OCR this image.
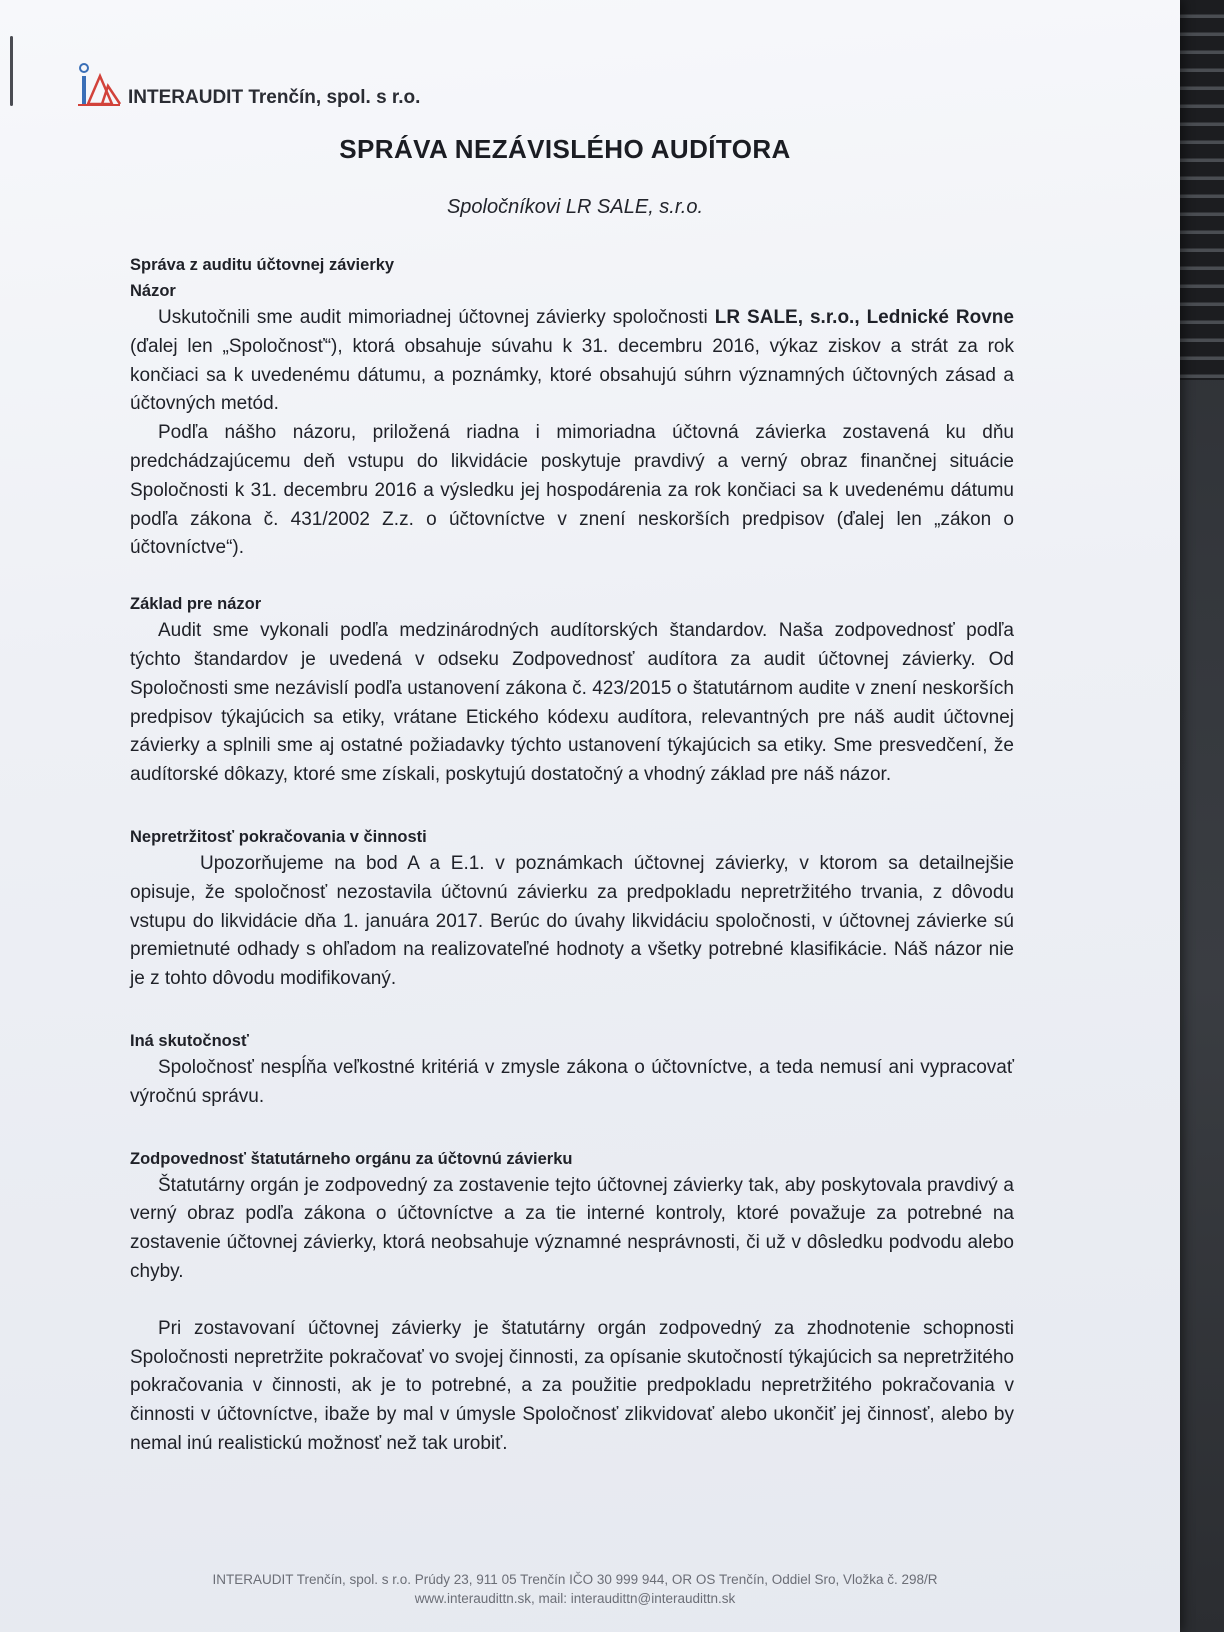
INTERAUDIT Trenčín, spol. s r.o.
SPRÁVA NEZÁVISLÉHO AUDÍTORA
Spoločníkovi LR SALE, s.r.o.

Správa z auditu účtovnej závierky

Názor

Uskutočnili sme audit mimoriadnej účtovnej závierky spoločnosti LR SALE, s.r.o., Lednické Rovne (ďalej len „Spoločnosť“), ktorá obsahuje súvahu k 31. decembru 2016, výkaz ziskov a strát za rok končiaci sa k uvedenému dátumu, a poznámky, ktoré obsahujú súhrn významných účtovných zásad a účtovných metód.

Podľa nášho názoru, priložená riadna i mimoriadna účtovná závierka zostavená ku dňu predchádzajúcemu deň vstupu do likvidácie poskytuje pravdivý a verný obraz finančnej situácie Spoločnosti k 31. decembru 2016 a výsledku jej hospodárenia za rok končiaci sa k uvedenému dátumu podľa zákona č. 431/2002 Z.z. o účtovníctve v znení neskorších predpisov (ďalej len „zákon o účtovníctve“).

Základ pre názor

Audit sme vykonali podľa medzinárodných audítorských štandardov. Naša zodpovednosť podľa týchto štandardov je uvedená v odseku Zodpovednosť audítora za audit účtovnej závierky. Od Spoločnosti sme nezávislí podľa ustanovení zákona č. 423/2015 o štatutárnom audite v znení neskorších predpisov týkajúcich sa etiky, vrátane Etického kódexu audítora, relevantných pre náš audit účtovnej závierky a splnili sme aj ostatné požiadavky týchto ustanovení týkajúcich sa etiky. Sme presvedčení, že audítorské dôkazy, ktoré sme získali, poskytujú dostatočný a vhodný základ pre náš názor.

Nepretržitosť pokračovania v činnosti

Upozorňujeme na bod A a E.1. v poznámkach účtovnej závierky, v ktorom sa detailnejšie opisuje, že spoločnosť nezostavila účtovnú závierku za predpokladu nepretržitého trvania, z dôvodu vstupu do likvidácie dňa 1. januára 2017. Berúc do úvahy likvidáciu spoločnosti, v účtovnej závierke sú premietnuté odhady s ohľadom na realizovateľné hodnoty a všetky potrebné klasifikácie. Náš názor nie je z tohto dôvodu modifikovaný.

Iná skutočnosť

Spoločnosť nespĺňa veľkostné kritériá v zmysle zákona o účtovníctve, a teda nemusí ani vypracovať výročnú správu.

Zodpovednosť štatutárneho orgánu za účtovnú závierku

Štatutárny orgán je zodpovedný za zostavenie tejto účtovnej závierky tak, aby poskytovala pravdivý a verný obraz podľa zákona o účtovníctve a za tie interné kontroly, ktoré považuje za potrebné na zostavenie účtovnej závierky, ktorá neobsahuje významné nesprávnosti, či už v dôsledku podvodu alebo chyby.

Pri zostavovaní účtovnej závierky je štatutárny orgán zodpovedný za zhodnotenie schopnosti Spoločnosti nepretržite pokračovať vo svojej činnosti, za opísanie skutočností týkajúcich sa nepretržitého pokračovania v činnosti, ak je to potrebné, a za použitie predpokladu nepretržitého pokračovania v činnosti v účtovníctve, ibaže by mal v úmysle Spoločnosť zlikvidovať alebo ukončiť jej činnosť, alebo by nemal inú realistickú možnosť než tak urobiť.

INTERAUDIT Trenčín, spol. s r.o. Prúdy 23, 911 05 Trenčín IČO 30 999 944, OR OS Trenčín, Oddiel Sro, Vložka č. 298/R
www.interaudittn.sk, mail: interaudittn@interaudittn.sk
